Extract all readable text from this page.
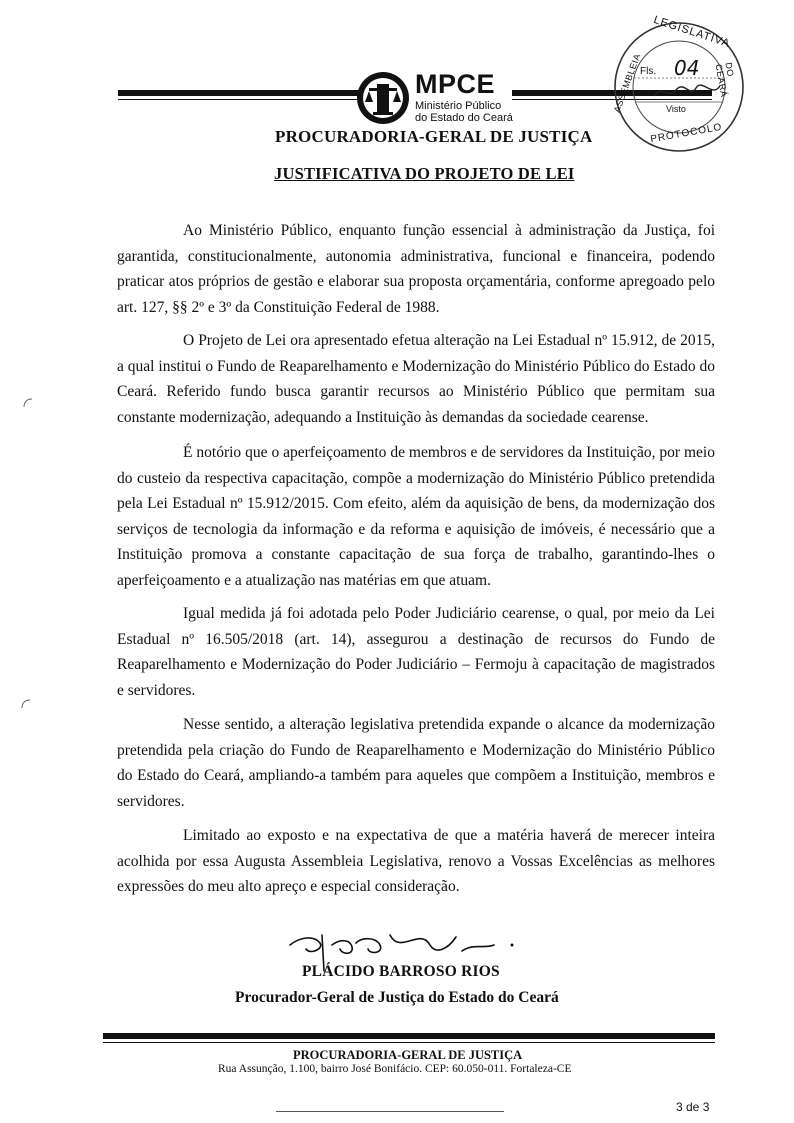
MPCE
Ministério Público
do Estado do Ceará
PROCURADORIA-GERAL DE JUSTIÇA
LEGISLATIVA
ASSEMBLEIA	DO CEARÁ
PROTOCOLO
Fls. 04
Visto
JUSTIFICATIVA DO PROJETO DE LEI

Ao Ministério Público, enquanto função essencial à administração da Justiça, foi garantida, constitucionalmente, autonomia administrativa, funcional e financeira, podendo praticar atos próprios de gestão e elaborar sua proposta orçamentária, conforme apregoado pelo art. 127, §§ 2º e 3º da Constituição Federal de 1988.

O Projeto de Lei ora apresentado efetua alteração na Lei Estadual nº 15.912, de 2015, a qual institui o Fundo de Reaparelhamento e Modernização do Ministério Público do Estado do Ceará. Referido fundo busca garantir recursos ao Ministério Público que permitam sua constante modernização, adequando a Instituição às demandas da sociedade cearense.

É notório que o aperfeiçoamento de membros e de servidores da Instituição, por meio do custeio da respectiva capacitação, compõe a modernização do Ministério Público pretendida pela Lei Estadual nº 15.912/2015. Com efeito, além da aquisição de bens, da modernização dos serviços de tecnologia da informação e da reforma e aquisição de imóveis, é necessário que a Instituição promova a constante capacitação de sua força de trabalho, garantindo-lhes o aperfeiçoamento e a atualização nas matérias em que atuam.

Igual medida já foi adotada pelo Poder Judiciário cearense, o qual, por meio da Lei Estadual nº 16.505/2018 (art. 14), assegurou a destinação de recursos do Fundo de Reaparelhamento e Modernização do Poder Judiciário – Fermoju à capacitação de magistrados e servidores.

Nesse sentido, a alteração legislativa pretendida expande o alcance da modernização pretendida pela criação do Fundo de Reaparelhamento e Modernização do Ministério Público do Estado do Ceará, ampliando-a também para aqueles que compõem a Instituição, membros e servidores.

Limitado ao exposto e na expectativa de que a matéria haverá de merecer inteira acolhida por essa Augusta Assembleia Legislativa, renovo a Vossas Excelências as melhores expressões do meu alto apreço e especial consideração.

PLÁCIDO BARROSO RIOS
Procurador-Geral de Justiça do Estado do Ceará
PROCURADORIA-GERAL DE JUSTIÇA
Rua Assunção, 1.100, bairro José Bonifácio. CEP: 60.050-011. Fortaleza-CE
3 de 3
